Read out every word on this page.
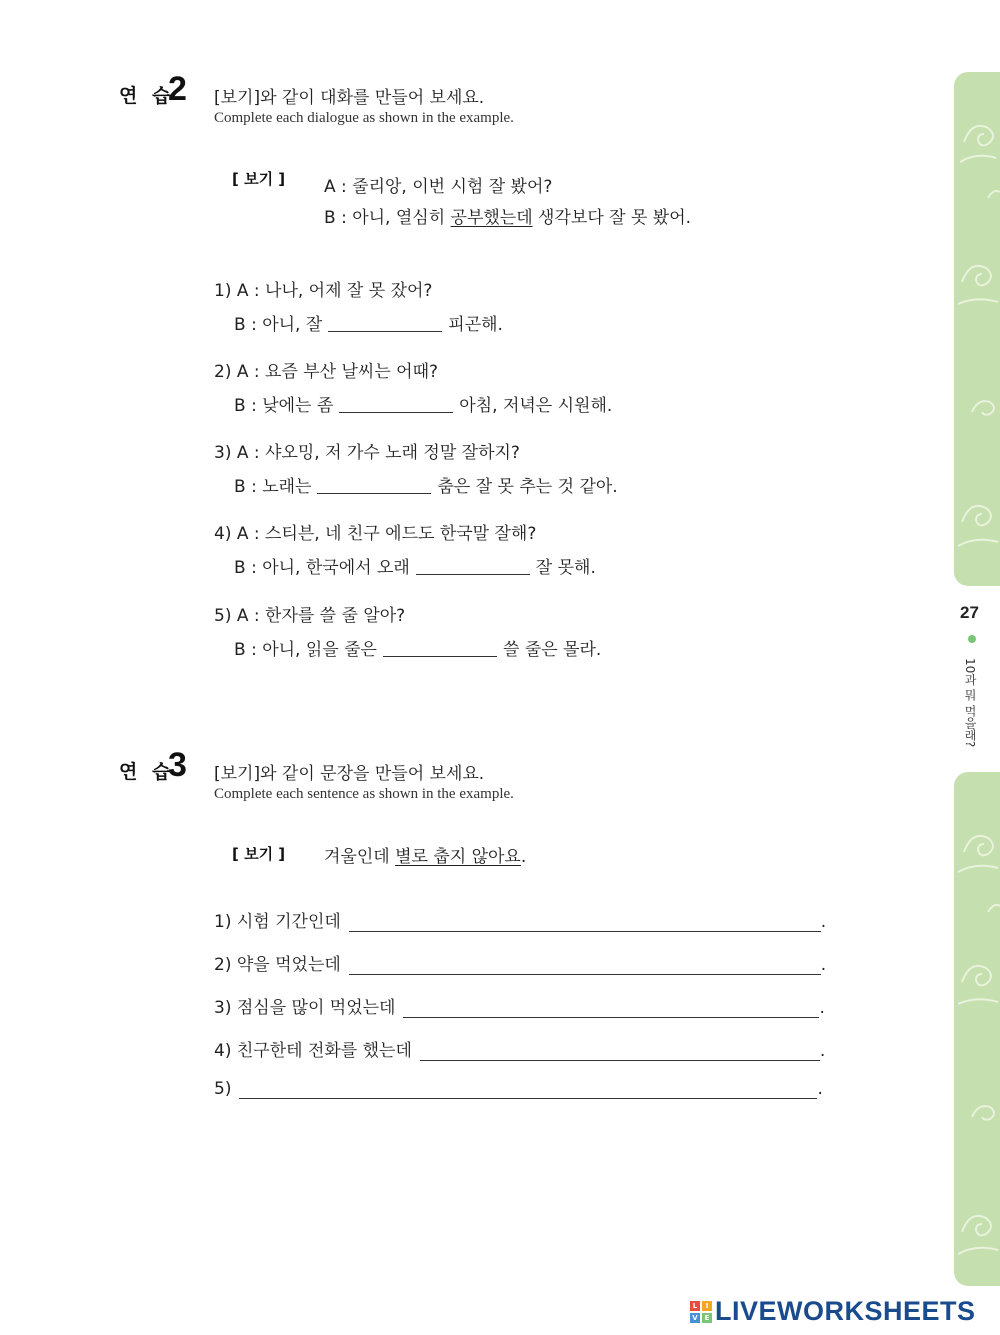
연 습
2 [보기]와 같이 대화를 만들어 보세요.
Complete each dialogue as shown in the example.
[ 보기 ] A : 줄리앙, 이번 시험 잘 봤어?
B : 아니, 열심히 공부했는데 생각보다 잘 못 봤어.
1) A : 나나, 어제 잘 못 잤어?
B : 아니, 잘	피곤해.
2) A : 요즘 부산 날씨는 어때?
B : 낮에는 좀	아침, 저녁은 시원해.
3) A : 샤오밍, 저 가수 노래 정말 잘하지?
B : 노래는	춤은 잘 못 추는 것 같아.
4) A : 스티븐, 네 친구 에드도 한국말 잘해?
B : 아니, 한국에서 오래	잘 못해.
5) A : 한자를 쓸 줄 알아?
B : 아니, 읽을 줄은	쓸 줄은 몰라.
연 습
3 [보기]와 같이 문장을 만들어 보세요.
Complete each sentence as shown in the example.
[ 보기 ] 겨울인데 별로 춥지 않아요.
1) 시험 기간인데	.
2) 약을 먹었는데	.
3) 점심을 많이 먹었는데	.
4) 친구한테 전화를 했는데	.
5)	.
27
10과 뭐 먹을래?
L	I
V E LIVEWORKSHEETS
